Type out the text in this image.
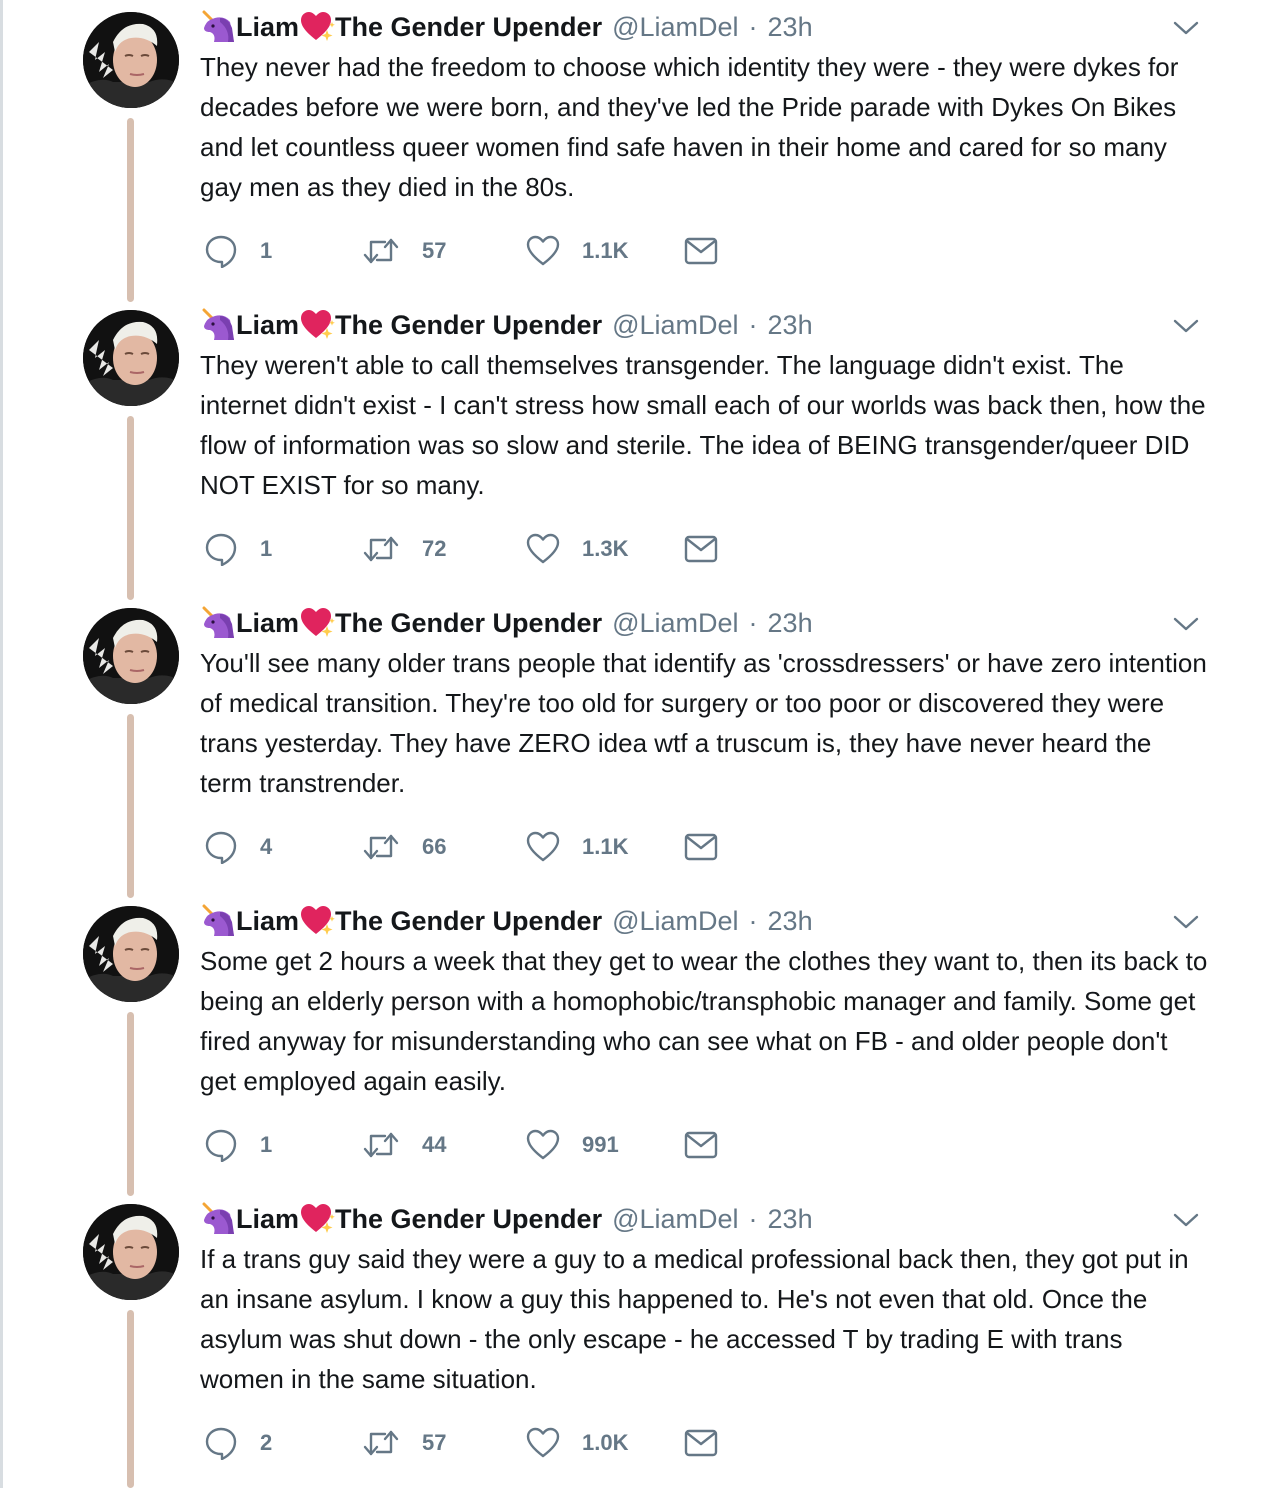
Liam The Gender Upender @LiamDel · 23h

They never had the freedom to choose which identity they were - they were dykes for decades before we were born, and they've led the Pride parade with Dykes On Bikes and let countless queer women find safe haven in their home and cared for so many gay men as they died in the 80s.

1	57	1.1K
Liam The Gender Upender @LiamDel · 23h

They weren't able to call themselves transgender. The language didn't exist. The internet didn't exist - I can't stress how small each of our worlds was back then, how the flow of information was so slow and sterile. The idea of BEING transgender/queer DID NOT EXIST for so many.

1	72	1.3K
Liam The Gender Upender @LiamDel · 23h

You'll see many older trans people that identify as 'crossdressers' or have zero intention of medical transition. They're too old for surgery or too poor or discovered they were trans yesterday. They have ZERO idea wtf a truscum is, they have never heard the term transtrender.

4	66	1.1K
Liam The Gender Upender @LiamDel · 23h

Some get 2 hours a week that they get to wear the clothes they want to, then its back to being an elderly person with a homophobic/transphobic manager and family. Some get fired anyway for misunderstanding who can see what on FB - and older people don't get employed again easily.

1	44	991
Liam The Gender Upender @LiamDel · 23h

If a trans guy said they were a guy to a medical professional back then, they got put in an insane asylum. I know a guy this happened to. He's not even that old. Once the asylum was shut down - the only escape - he accessed T by trading E with trans women in the same situation.

2	57	1.0K
